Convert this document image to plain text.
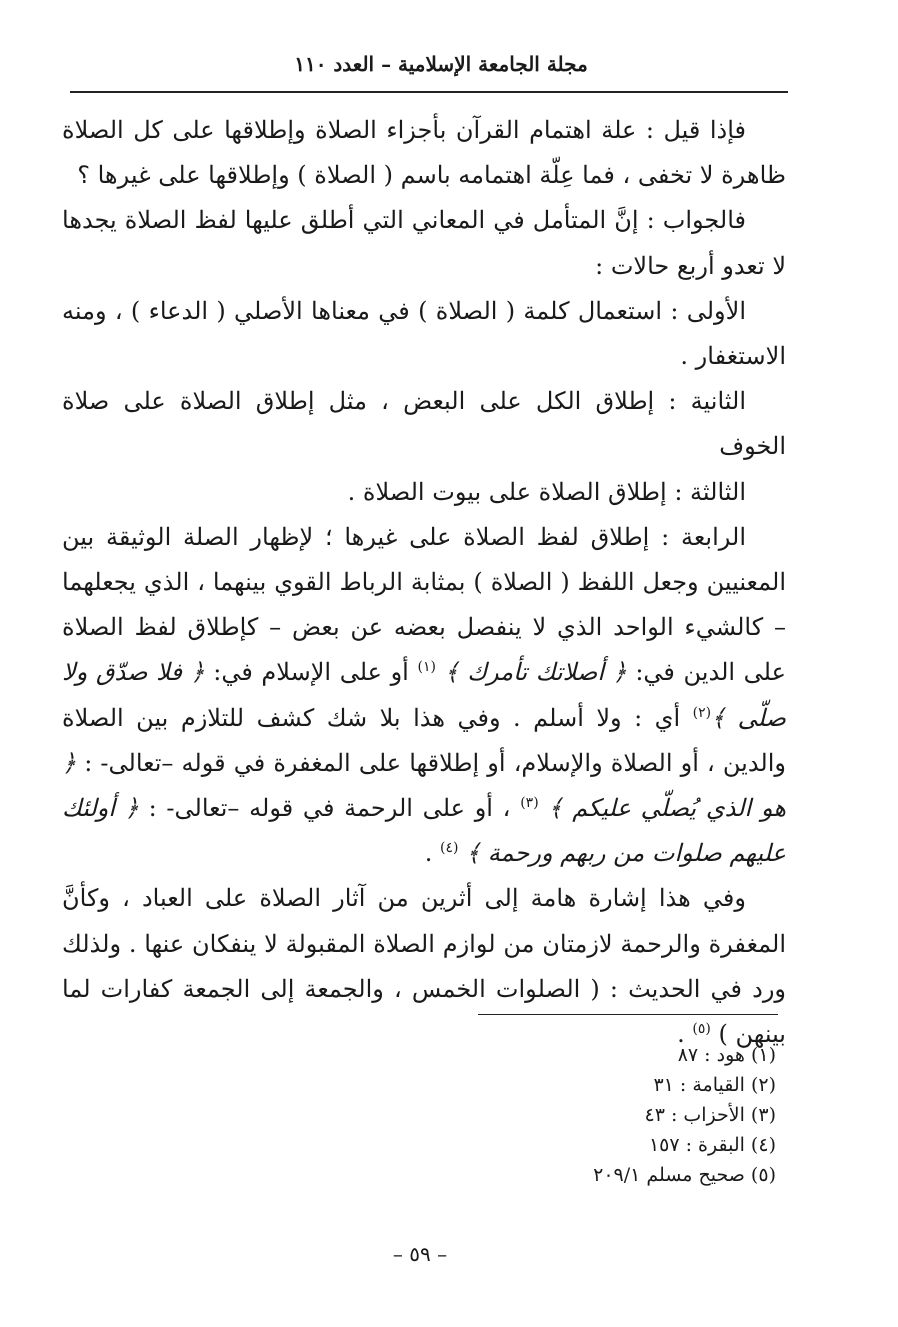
مجلة الجامعة الإسلامية – العدد ١١٠

فإذا قيل : علة اهتمام القرآن بأجزاء الصلاة وإطلاقها على كل الصلاة ظاهرة لا تخفى ، فما عِلّة اهتمامه باسم ( الصلاة ) وإطلاقها على غيرها ؟

فالجواب : إنَّ المتأمل في المعاني التي أطلق عليها لفظ الصلاة يجدها لا تعدو أربع حالات :

الأولى : استعمال كلمة ( الصلاة ) في معناها الأصلي ( الدعاء ) ، ومنه الاستغفار .

الثانية : إطلاق الكل على البعض ، مثل إطلاق الصلاة على صلاة الخوف

الثالثة : إطلاق الصلاة على بيوت الصلاة .

الرابعة : إطلاق لفظ الصلاة على غيرها ؛ لإظهار الصلة الوثيقة بين المعنيين وجعل اللفظ ( الصلاة ) بمثابة الرباط القوي بينهما ، الذي يجعلهما – كالشيء الواحد الذي لا ينفصل بعضه عن بعض – كإطلاق لفظ الصلاة على الدين في: ﴿ أصلاتك تأمرك ﴾ $^{(١)}$ أو على الإسلام في: ﴿ فلا صدّق ولا صلّى ﴾$^{(٢)}$ أي : ولا أسلم . وفي هذا بلا شك كشف للتلازم بين الصلاة والدين ، أو الصلاة والإسلام، أو إطلاقها على المغفرة في قوله –تعالى- : ﴿ هو الذي يُصلّي عليكم ﴾ $^{(٣)}$ ، أو على الرحمة في قوله –تعالى- : ﴿ أولئك عليهم صلوات من ربهم ورحمة ﴾ $^{(٤)}$ .

وفي هذا إشارة هامة إلى أثرين من آثار الصلاة على العباد ، وكأنَّ المغفرة والرحمة لازمتان من لوازم الصلاة المقبولة لا ينفكان عنها . ولذلك ورد في الحديث : ( الصلوات الخمس ، والجمعة إلى الجمعة كفارات لما بينهن ) $^{(٥)}$ .

(١) هود : ٨٧
(٢) القيامة : ٣١
(٣) الأحزاب : ٤٣
(٤) البقرة : ١٥٧
(٥) صحيح مسلم ٢٠٩/١
– ٥٩ –
